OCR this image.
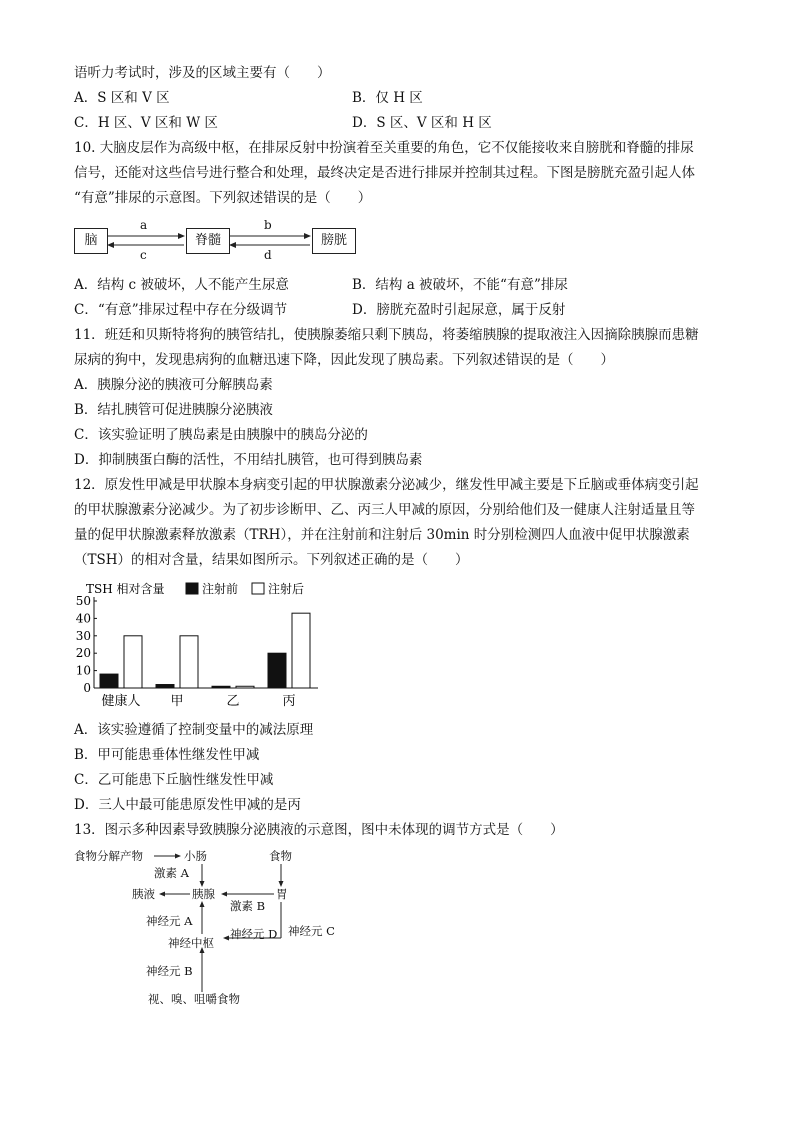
语听力考试时，涉及的区域主要有（　　）
A．S 区和 V 区	B．仅 H 区
C．H 区、V 区和 W 区	D．S 区、V 区和 H 区
10. 大脑皮层作为高级中枢，在排尿反射中扮演着至关重要的角色，它不仅能接收来自膀胱和脊髓的排尿
信号，还能对这些信号进行整合和处理，最终决定是否进行排尿并控制其过程。下图是膀胱充盈引起人体
“有意”排尿的示意图。下列叙述错误的是（　　）
脑	脊髓	膀胱
a
c
b
d
A．结构 c 被破坏，人不能产生尿意	B．结构 a 被破坏，不能“有意”排尿
C．“有意”排尿过程中存在分级调节	D．膀胱充盈时引起尿意，属于反射
11．班廷和贝斯特将狗的胰管结扎，使胰腺萎缩只剩下胰岛，将萎缩胰腺的提取液注入因摘除胰腺而患糖
尿病的狗中，发现患病狗的血糖迅速下降，因此发现了胰岛素。下列叙述错误的是（　　）
A．胰腺分泌的胰液可分解胰岛素
B．结扎胰管可促进胰腺分泌胰液
C．该实验证明了胰岛素是由胰腺中的胰岛分泌的
D．抑制胰蛋白酶的活性，不用结扎胰管，也可得到胰岛素
12．原发性甲减是甲状腺本身病变引起的甲状腺激素分泌减少，继发性甲减主要是下丘脑或垂体病变引起
的甲状腺激素分泌减少。为了初步诊断甲、乙、丙三人甲减的原因，分别给他们及一健康人注射适量且等
量的促甲状腺激素释放激素（TRH），并在注射前和注射后 30min 时分别检测四人血液中促甲状腺激素
（TSH）的相对含量，结果如图所示。下列叙述正确的是（　　）
TSH 相对含量	注射前 注射后
0
10
20
30
40
50
健康人 甲	乙	丙
A．该实验遵循了控制变量中的减法原理
B．甲可能患垂体性继发性甲减
C．乙可能患下丘脑性继发性甲减
D．三人中最可能患原发性甲减的是丙
13．图示多种因素导致胰腺分泌胰液的示意图，图中未体现的调节方式是（　　）
食物分解产物	小肠	食物
激素 A
胰液	胰腺	胃
激素 B
神经元 A
神经元 C
神经元 D
神经中枢
神经元 B
视、嗅、咀嚼食物
